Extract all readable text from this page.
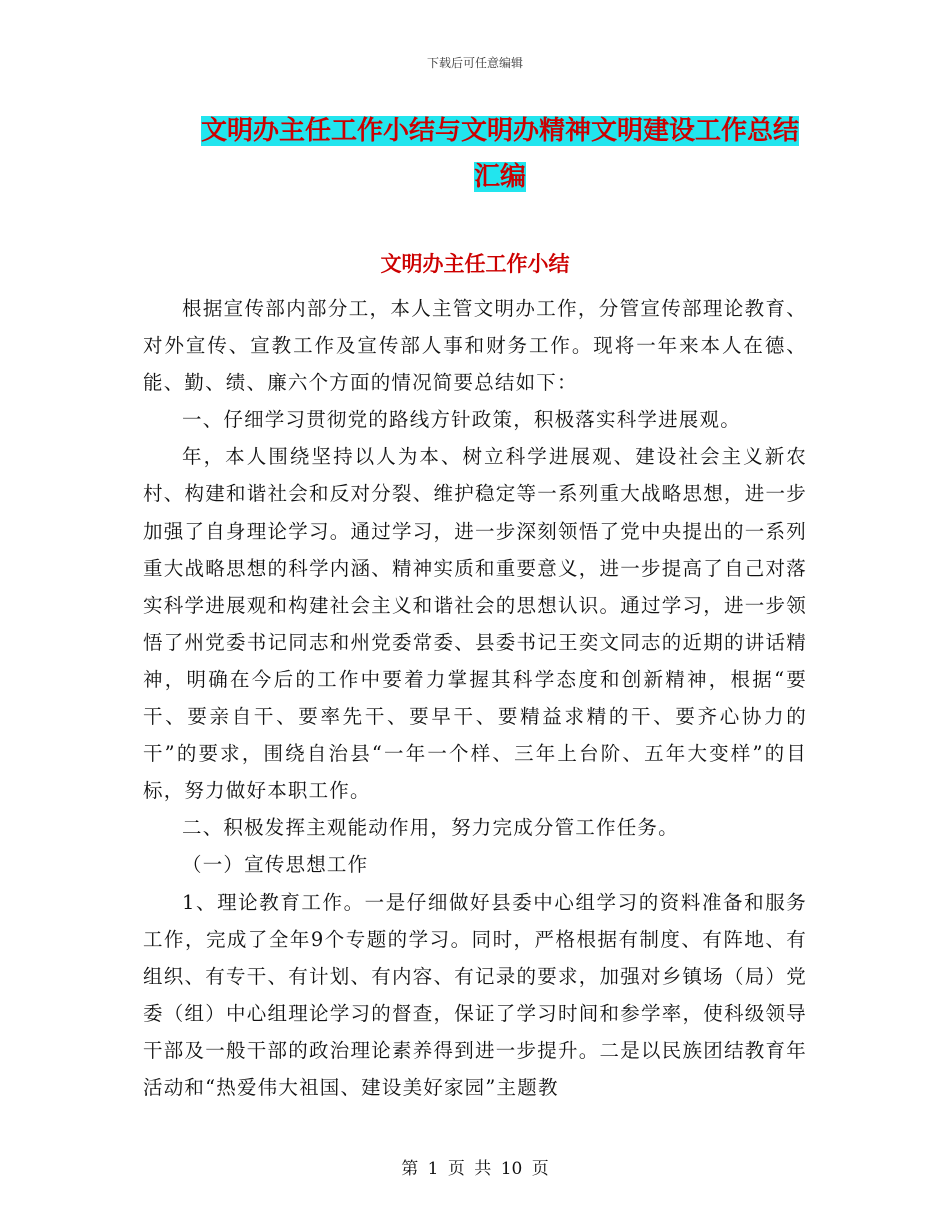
下载后可任意编辑
文明办主任工作小结与文明办精神文明建设工作总结
汇编
文明办主任工作小结

根据宣传部内部分工，本人主管文明办工作，分管宣传部理论教育、对外宣传、宣教工作及宣传部人事和财务工作。现将一年来本人在德、能、勤、绩、廉六个方面的情况简要总结如下：

一、仔细学习贯彻党的路线方针政策，积极落实科学进展观。

年，本人围绕坚持以人为本、树立科学进展观、建设社会主义新农村、构建和谐社会和反对分裂、维护稳定等一系列重大战略思想，进一步加强了自身理论学习。通过学习，进一步深刻领悟了党中央提出的一系列重大战略思想的科学内涵、精神实质和重要意义，进一步提高了自己对落实科学进展观和构建社会主义和谐社会的思想认识。通过学习，进一步领悟了州党委书记同志和州党委常委、县委书记王奕文同志的近期的讲话精神，明确在今后的工作中要着力掌握其科学态度和创新精神，根据“要干、要亲自干、要率先干、要早干、要精益求精的干、要齐心协力的干”的要求，围绕自治县“一年一个样、三年上台阶、五年大变样”的目标，努力做好本职工作。

二、积极发挥主观能动作用，努力完成分管工作任务。

（一）宣传思想工作

1、理论教育工作。一是仔细做好县委中心组学习的资料准备和服务工作，完成了全年9个专题的学习。同时，严格根据有制度、有阵地、有组织、有专干、有计划、有内容、有记录的要求，加强对乡镇场（局）党委（组）中心组理论学习的督查，保证了学习时间和参学率，使科级领导干部及一般干部的政治理论素养得到进一步提升。二是以民族团结教育年活动和“热爱伟大祖国、建设美好家园”主题教

第 1 页 共 10 页
